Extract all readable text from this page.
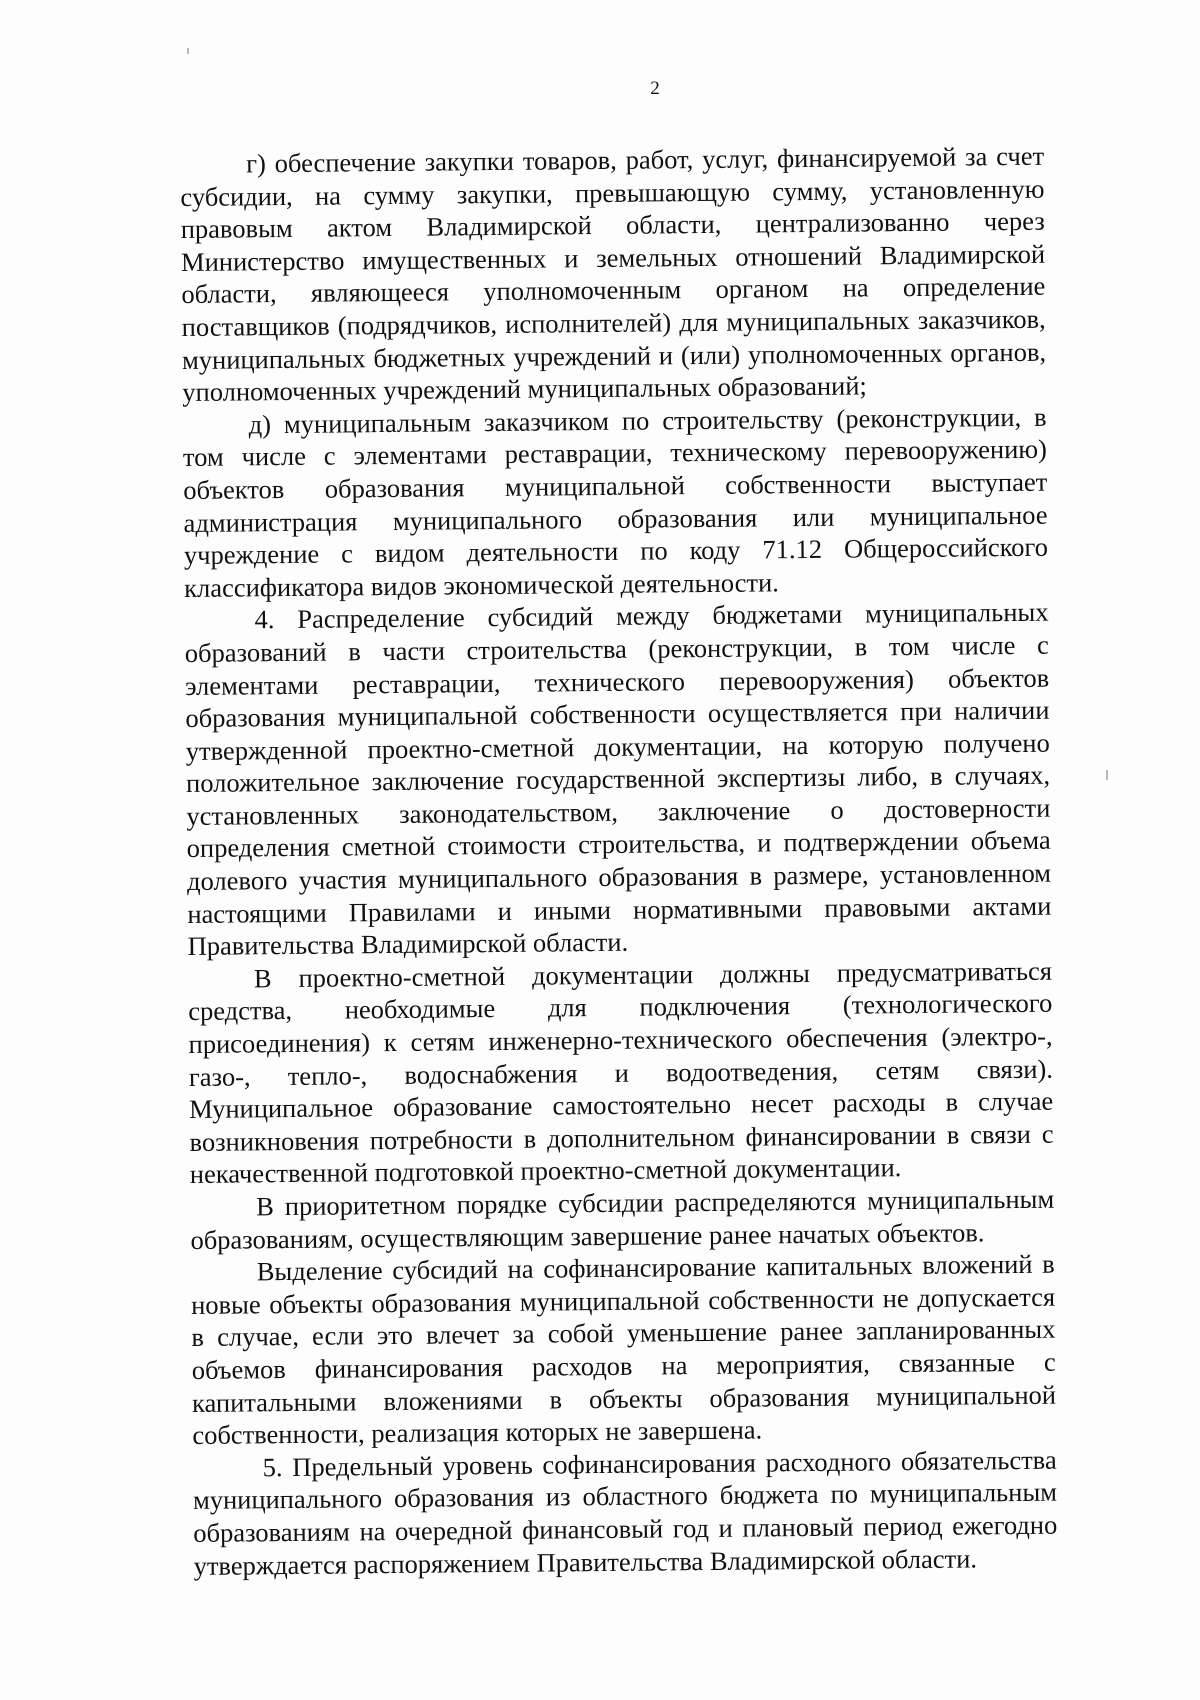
2

г) обеспечение закупки товаров, работ, услуг, финансируемой за счет субсидии, на сумму закупки, превышающую сумму, установленную правовым актом Владимирской области, централизованно через Министерство имущественных и земельных отношений Владимирской области, являющееся уполномоченным органом на определение поставщиков (подрядчиков, исполнителей) для муниципальных заказчиков, муниципальных бюджетных учреждений и (или) уполномоченных органов, уполномоченных учреждений муниципальных образований;

д) муниципальным заказчиком по строительству (реконструкции, в том числе с элементами реставрации, техническому перевооружению) объектов образования муниципальной собственности выступает администрация муниципального образования или муниципальное учреждение с видом деятельности по коду 71.12 Общероссийского классификатора видов экономической деятельности.

4. Распределение субсидий между бюджетами муниципальных образований в части строительства (реконструкции, в том числе с элементами реставрации, технического перевооружения) объектов образования муниципальной собственности осуществляется при наличии утвержденной проектно-сметной документации, на которую получено положительное заключение государственной экспертизы либо, в случаях, установленных законодательством, заключение о достоверности определения сметной стоимости строительства, и подтверждении объема долевого участия муниципального образования в размере, установленном настоящими Правилами и иными нормативными правовыми актами Правительства Владимирской области.

В проектно-сметной документации должны предусматриваться средства, необходимые для подключения (технологического присоединения) к сетям инженерно-технического обеспечения (электро-, газо-, тепло-, водоснабжения и водоотведения, сетям связи). Муниципальное образование самостоятельно несет расходы в случае возникновения потребности в дополнительном финансировании в связи с некачественной подготовкой проектно-сметной документации.

В приоритетном порядке субсидии распределяются муниципальным образованиям, осуществляющим завершение ранее начатых объектов.

Выделение субсидий на софинансирование капитальных вложений в новые объекты образования муниципальной собственности не допускается в случае, если это влечет за собой уменьшение ранее запланированных объемов финансирования расходов на мероприятия, связанные с капитальными вложениями в объекты образования муниципальной собственности, реализация которых не завершена.

5. Предельный уровень софинансирования расходного обязательства муниципального образования из областного бюджета по муниципальным образованиям на очередной финансовый год и плановый период ежегодно утверждается распоряжением Правительства Владимирской области.
